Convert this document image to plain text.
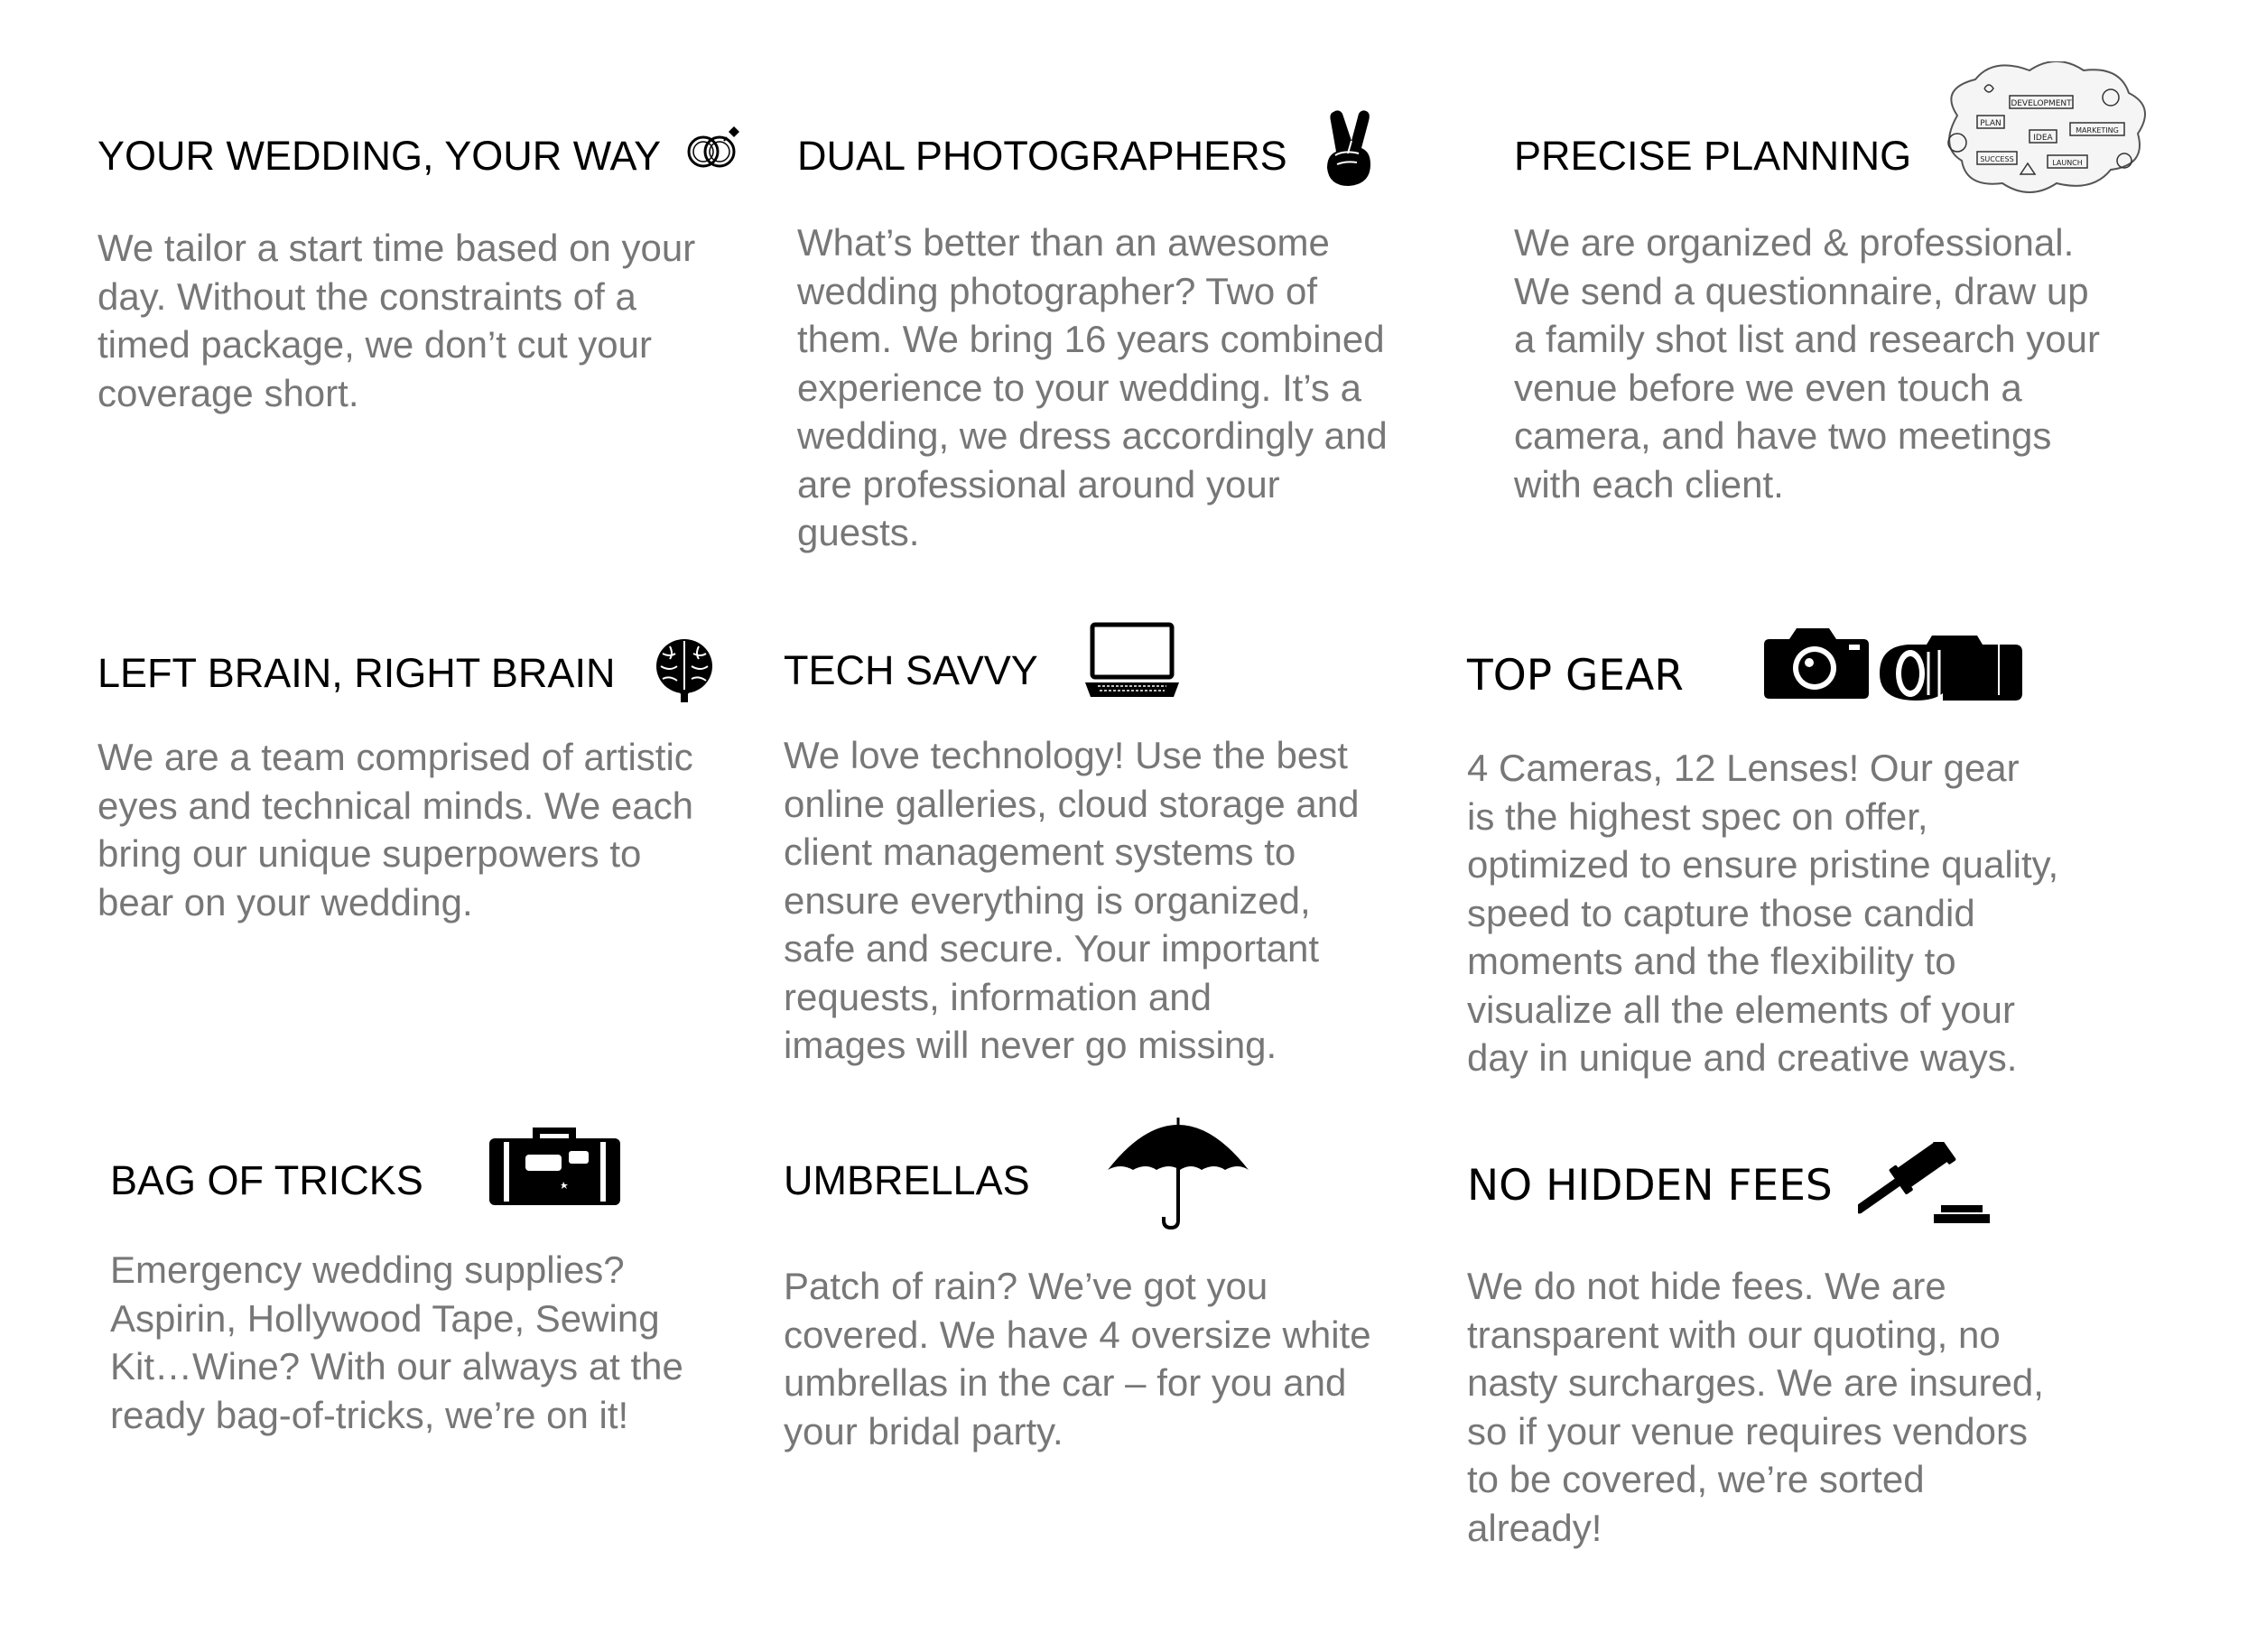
YOUR WEDDING, YOUR WAY
We tailor a start time based on your
day. Without the constraints of a
timed package, we don’t cut your
coverage short.
DUAL PHOTOGRAPHERS
What’s better than an awesome
wedding photographer? Two of
them. We bring 16 years combined
experience to your wedding. It’s a
wedding, we dress accordingly and
are professional around your
guests.
PRECISE PLANNING
DEVELOPMENT
PLAN
IDEA
MARKETING
SUCCESS	LAUNCH
We are organized & professional.
We send a questionnaire, draw up
a family shot list and research your
venue before we even touch a
camera, and have two meetings
with each client.
LEFT BRAIN, RIGHT BRAIN
We are a team comprised of artistic
eyes and technical minds. We each
bring our unique superpowers to
bear on your wedding.
TECH SAVVY
We love technology! Use the best
online galleries, cloud storage and
client management systems to
ensure everything is organized,
safe and secure. Your important
requests, information and
images will never go missing.
TOP GEAR
4 Cameras, 12 Lenses! Our gear
is the highest spec on offer,
optimized to ensure pristine quality,
speed to capture those candid
moments and the flexibility to
visualize all the elements of your
day in unique and creative ways.
BAG OF TRICKS
Emergency wedding supplies?
Aspirin, Hollywood Tape, Sewing
Kit…Wine? With our always at the
ready bag-of-tricks, we’re on it!
UMBRELLAS
Patch of rain? We’ve got you
covered. We have 4 oversize white
umbrellas in the car – for you and
your bridal party.
NO HIDDEN FEES
We do not hide fees. We are
transparent with our quoting, no
nasty surcharges. We are insured,
so if your venue requires vendors
to be covered, we’re sorted
already!
